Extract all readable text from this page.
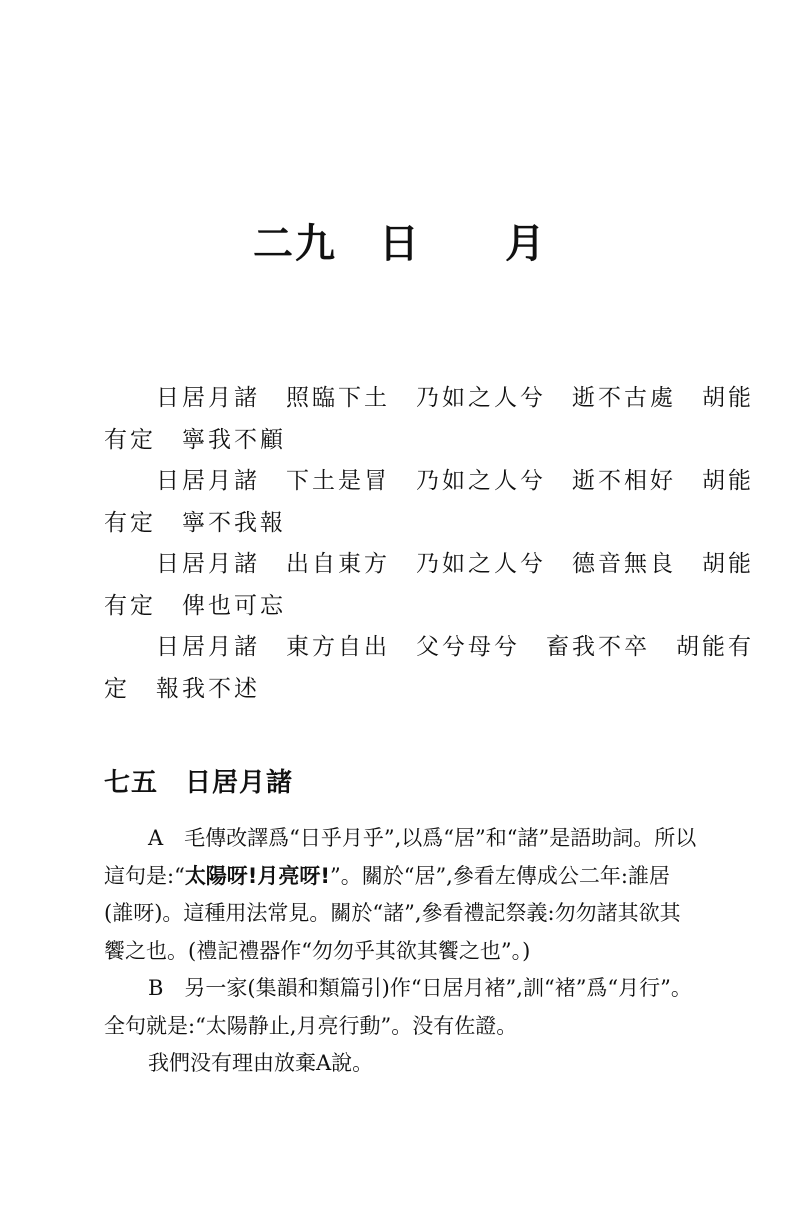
二九　日　　月
日居月諸　照臨下土　乃如之人兮　逝不古處　胡能
有定　寧我不顧
日居月諸　下土是冒　乃如之人兮　逝不相好　胡能
有定　寧不我報
日居月諸　出自東方　乃如之人兮　德音無良　胡能
有定　俾也可忘
日居月諸　東方自出　父兮母兮　畜我不卒　胡能有
定　報我不述
七五　日居月諸
A　毛傳改譯爲“日乎月乎”,以爲“居”和“諸”是語助詞。所以
這句是:“太陽呀!月亮呀!”。關於“居”,參看左傳成公二年:誰居
(誰呀)。這種用法常見。關於“諸”,參看禮記祭義:勿勿諸其欲其
饗之也。(禮記禮器作“勿勿乎其欲其饗之也”。)
B　另一家(集韻和類篇引)作“日居月褚”,訓“褚”爲“月行”。
全句就是:“太陽静止,月亮行動”。没有佐證。
我們没有理由放棄A說。
